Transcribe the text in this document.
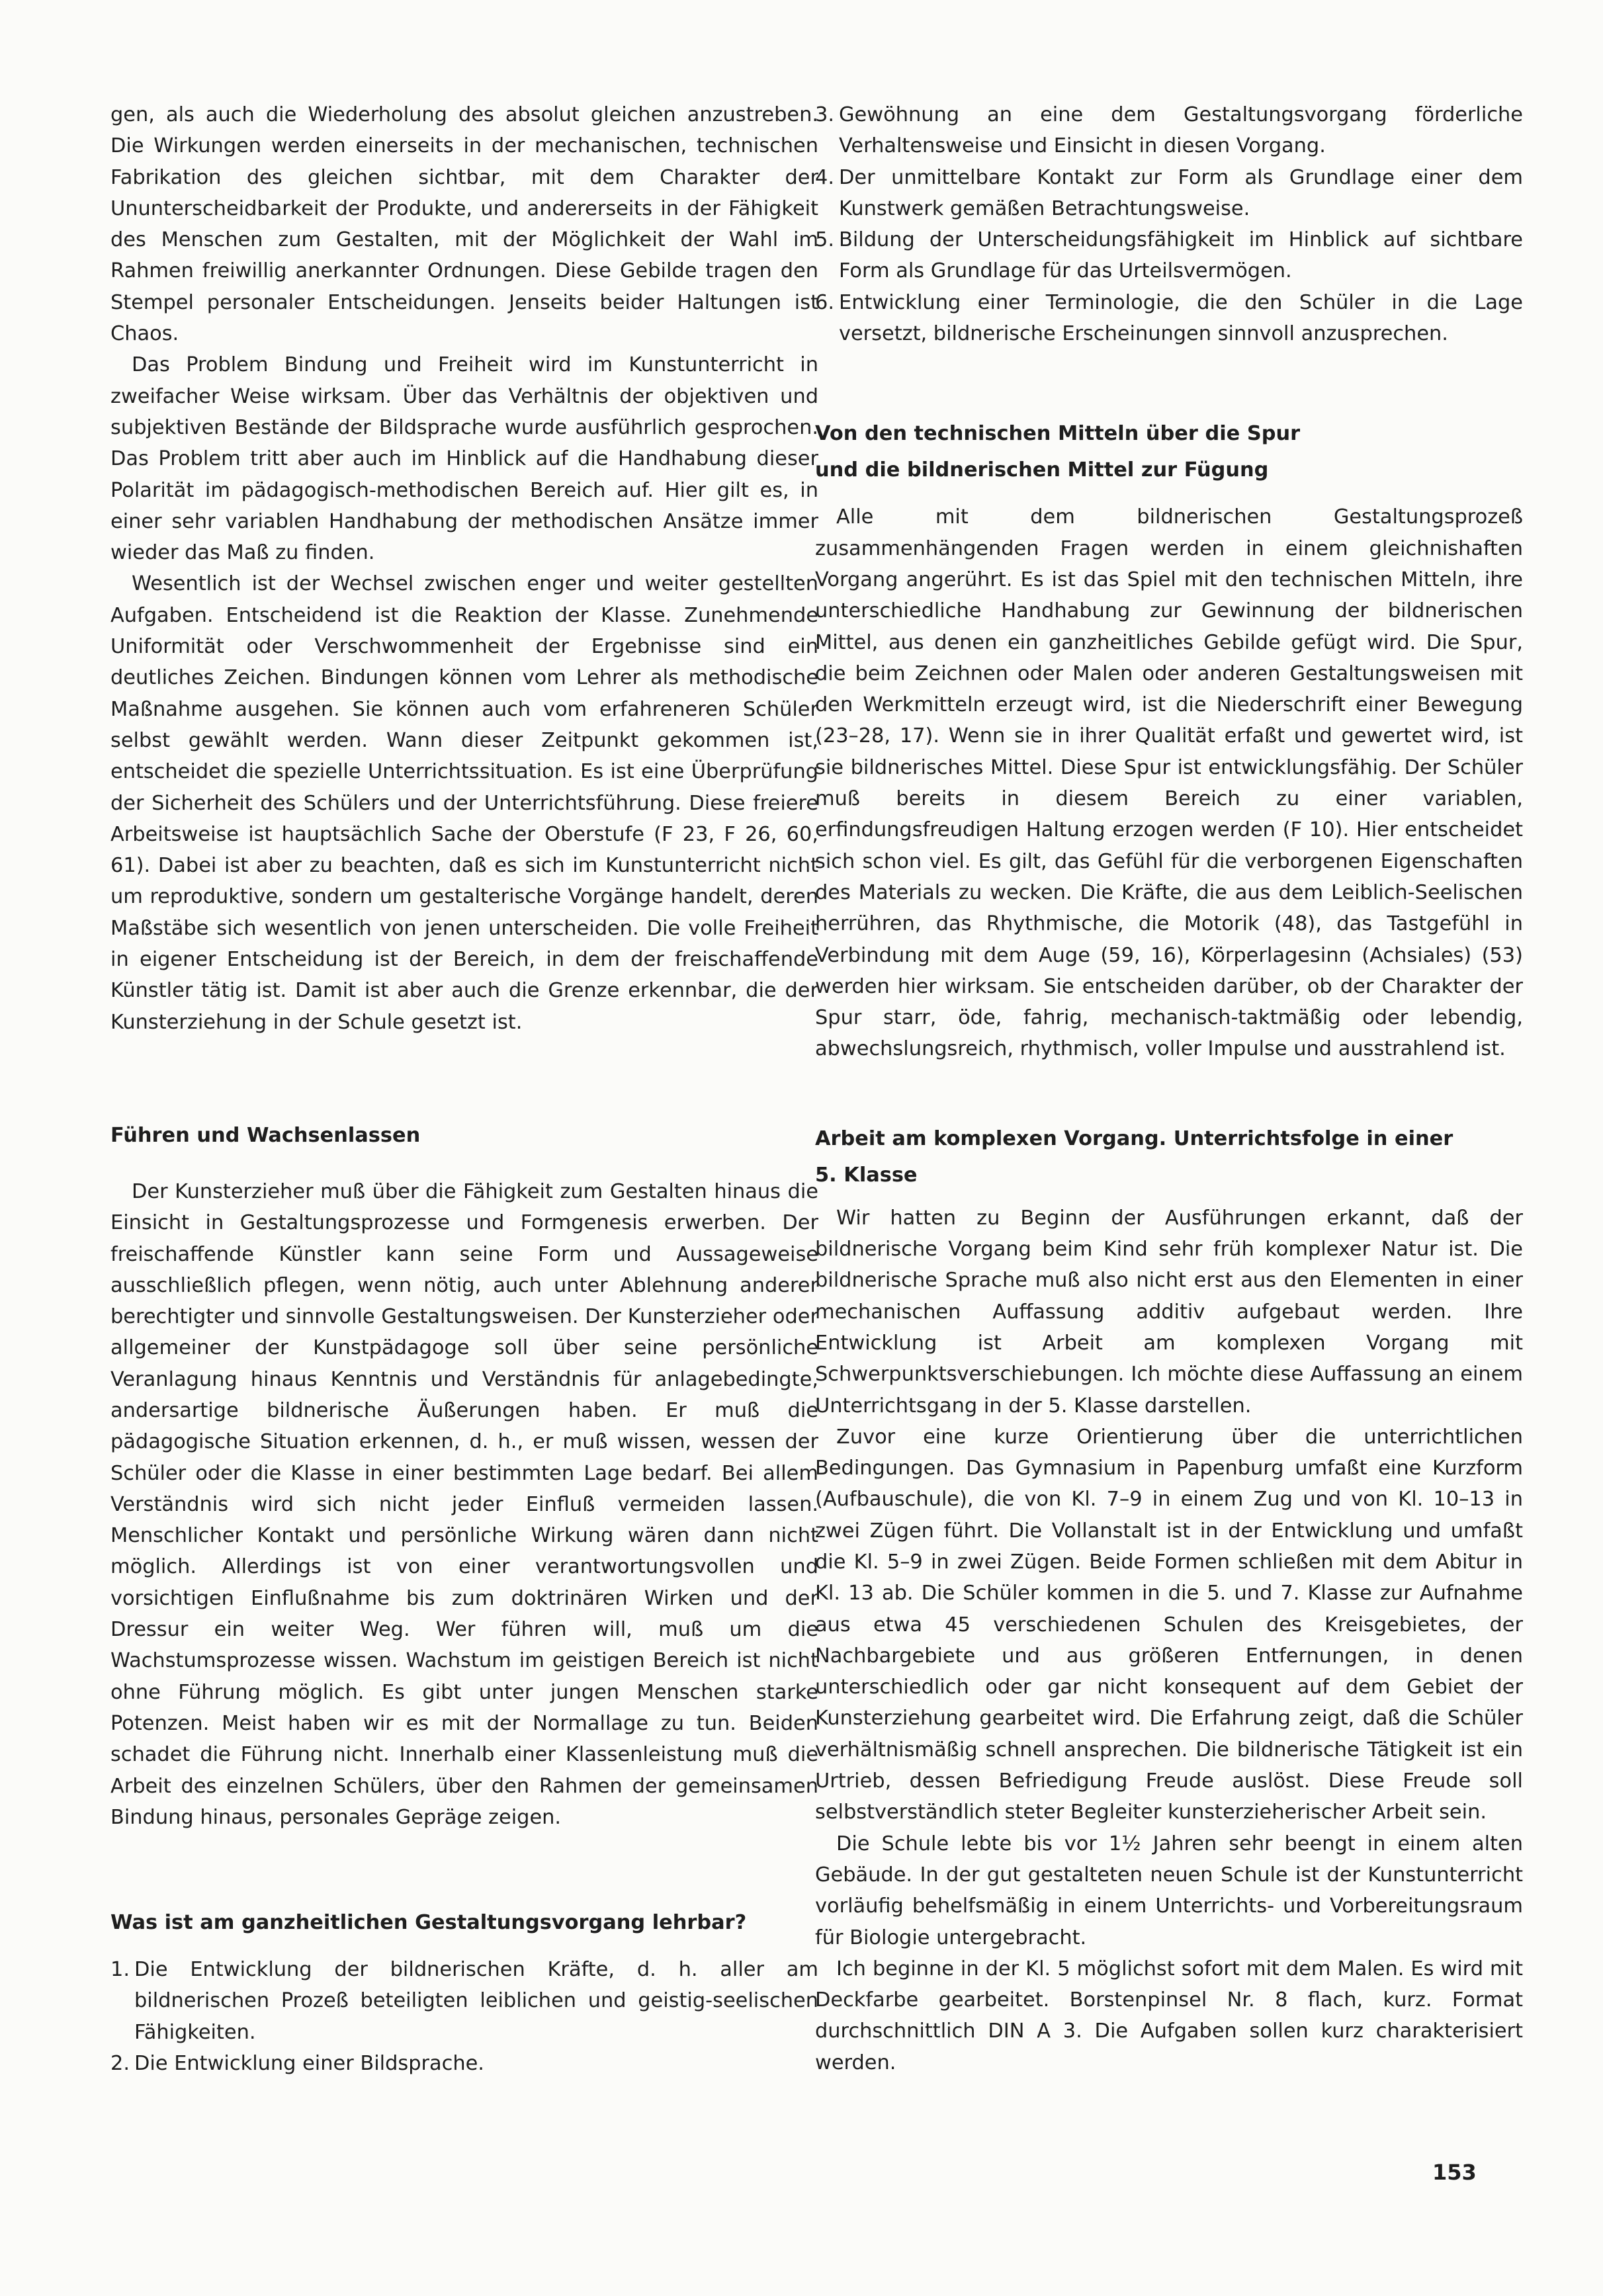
gen, als auch die Wiederholung des absolut gleichen anzustreben. Die Wirkungen werden einerseits in der mechanischen, technischen Fabrikation des gleichen sichtbar, mit dem Charakter der Ununterscheidbarkeit der Produkte, und andererseits in der Fähigkeit des Menschen zum Gestalten, mit der Möglichkeit der Wahl im Rahmen freiwillig anerkannter Ordnungen. Diese Gebilde tragen den Stempel personaler Entscheidungen. Jenseits beider Haltungen ist Chaos.

Das Problem Bindung und Freiheit wird im Kunstunterricht in zweifacher Weise wirksam. Über das Verhältnis der objektiven und subjektiven Bestände der Bildsprache wurde ausführlich gesprochen. Das Problem tritt aber auch im Hinblick auf die Handhabung dieser Polarität im pädagogisch-methodischen Bereich auf. Hier gilt es, in einer sehr variablen Handhabung der methodischen Ansätze immer wieder das Maß zu finden.

Wesentlich ist der Wechsel zwischen enger und weiter gestellten Aufgaben. Entscheidend ist die Reaktion der Klasse. Zunehmende Uniformität oder Verschwommenheit der Ergebnisse sind ein deutliches Zeichen. Bindungen können vom Lehrer als methodische Maßnahme ausgehen. Sie können auch vom erfahreneren Schüler selbst gewählt werden. Wann dieser Zeitpunkt gekommen ist, entscheidet die spezielle Unterrichtssituation. Es ist eine Überprüfung der Sicherheit des Schülers und der Unterrichtsführung. Diese freiere Arbeitsweise ist hauptsächlich Sache der Oberstufe (F 23, F 26, 60, 61). Dabei ist aber zu beachten, daß es sich im Kunstunterricht nicht um reproduktive, sondern um gestalterische Vorgänge handelt, deren Maßstäbe sich wesentlich von jenen unterscheiden. Die volle Freiheit in eigener Entscheidung ist der Bereich, in dem der freischaffende Künstler tätig ist. Damit ist aber auch die Grenze erkennbar, die der Kunsterziehung in der Schule gesetzt ist.

Führen und Wachsenlassen

Der Kunsterzieher muß über die Fähigkeit zum Gestalten hinaus die Einsicht in Gestaltungsprozesse und Formgenesis erwerben. Der freischaffende Künstler kann seine Form und Aussageweise ausschließlich pflegen, wenn nötig, auch unter Ablehnung anderer berechtigter und sinnvolle Gestaltungsweisen. Der Kunsterzieher oder allgemeiner der Kunstpädagoge soll über seine persönliche Veranlagung hinaus Kenntnis und Verständnis für anlagebedingte, andersartige bildnerische Äußerungen haben. Er muß die pädagogische Situation erkennen, d. h., er muß wissen, wessen der Schüler oder die Klasse in einer bestimmten Lage bedarf. Bei allem Verständnis wird sich nicht jeder Einfluß vermeiden lassen. Menschlicher Kontakt und persönliche Wirkung wären dann nicht möglich. Allerdings ist von einer verantwortungsvollen und vorsichtigen Einflußnahme bis zum doktrinären Wirken und der Dressur ein weiter Weg. Wer führen will, muß um die Wachstumsprozesse wissen. Wachstum im geistigen Bereich ist nicht ohne Führung möglich. Es gibt unter jungen Menschen starke Potenzen. Meist haben wir es mit der Normallage zu tun. Beiden schadet die Führung nicht. Innerhalb einer Klassenleistung muß die Arbeit des einzelnen Schülers, über den Rahmen der gemeinsamen Bindung hinaus, personales Gepräge zeigen.

Was ist am ganzheitlichen Gestaltungsvorgang lehrbar?
1. Die Entwicklung der bildnerischen Kräfte, d. h. aller am bildnerischen Prozeß beteiligten leiblichen und geistig-seelischen Fähigkeiten.
2. Die Entwicklung einer Bildsprache.
3. Gewöhnung an eine dem Gestaltungsvorgang förderliche Verhaltensweise und Einsicht in diesen Vorgang.
4. Der unmittelbare Kontakt zur Form als Grundlage einer dem Kunstwerk gemäßen Betrachtungsweise.
5. Bildung der Unterscheidungsfähigkeit im Hinblick auf sichtbare Form als Grundlage für das Urteilsvermögen.
6. Entwicklung einer Terminologie, die den Schüler in die Lage versetzt, bildnerische Erscheinungen sinnvoll anzusprechen.
Von den technischen Mitteln über die Spur
und die bildnerischen Mittel zur Fügung

Alle mit dem bildnerischen Gestaltungsprozeß zusammenhängenden Fragen werden in einem gleichnishaften Vorgang angerührt. Es ist das Spiel mit den technischen Mitteln, ihre unterschiedliche Handhabung zur Gewinnung der bildnerischen Mittel, aus denen ein ganzheitliches Gebilde gefügt wird. Die Spur, die beim Zeichnen oder Malen oder anderen Gestaltungsweisen mit den Werkmitteln erzeugt wird, ist die Niederschrift einer Bewegung (23–28, 17). Wenn sie in ihrer Qualität erfaßt und gewertet wird, ist sie bildnerisches Mittel. Diese Spur ist entwicklungsfähig. Der Schüler muß bereits in diesem Bereich zu einer variablen, erfindungsfreudigen Haltung erzogen werden (F 10). Hier entscheidet sich schon viel. Es gilt, das Gefühl für die verborgenen Eigenschaften des Materials zu wecken. Die Kräfte, die aus dem Leiblich-Seelischen herrühren, das Rhythmische, die Motorik (48), das Tastgefühl in Verbindung mit dem Auge (59, 16), Körperlagesinn (Achsiales) (53) werden hier wirksam. Sie entscheiden darüber, ob der Charakter der Spur starr, öde, fahrig, mechanisch-taktmäßig oder lebendig, abwechslungsreich, rhythmisch, voller Impulse und ausstrahlend ist.

Arbeit am komplexen Vorgang. Unterrichtsfolge in einer
5. Klasse

Wir hatten zu Beginn der Ausführungen erkannt, daß der bildnerische Vorgang beim Kind sehr früh komplexer Natur ist. Die bildnerische Sprache muß also nicht erst aus den Elementen in einer mechanischen Auffassung additiv aufgebaut werden. Ihre Entwicklung ist Arbeit am komplexen Vorgang mit Schwerpunktsverschiebungen. Ich möchte diese Auffassung an einem Unterrichtsgang in der 5. Klasse darstellen.

Zuvor eine kurze Orientierung über die unterrichtlichen Bedingungen. Das Gymnasium in Papenburg umfaßt eine Kurzform (Aufbauschule), die von Kl. 7–9 in einem Zug und von Kl. 10–13 in zwei Zügen führt. Die Vollanstalt ist in der Entwicklung und umfaßt die Kl. 5–9 in zwei Zügen. Beide Formen schließen mit dem Abitur in Kl. 13 ab. Die Schüler kommen in die 5. und 7. Klasse zur Aufnahme aus etwa 45 verschiedenen Schulen des Kreisgebietes, der Nachbargebiete und aus größeren Entfernungen, in denen unterschiedlich oder gar nicht konsequent auf dem Gebiet der Kunsterziehung gearbeitet wird. Die Erfahrung zeigt, daß die Schüler verhältnismäßig schnell ansprechen. Die bildnerische Tätigkeit ist ein Urtrieb, dessen Befriedigung Freude auslöst. Diese Freude soll selbstverständlich steter Begleiter kunsterzieherischer Arbeit sein.

Die Schule lebte bis vor 1½ Jahren sehr beengt in einem alten Gebäude. In der gut gestalteten neuen Schule ist der Kunstunterricht vorläufig behelfsmäßig in einem Unterrichts- und Vorbereitungsraum für Biologie untergebracht.

Ich beginne in der Kl. 5 möglichst sofort mit dem Malen. Es wird mit Deckfarbe gearbeitet. Borstenpinsel Nr. 8 flach, kurz. Format durchschnittlich DIN A 3. Die Aufgaben sollen kurz charakterisiert werden.

153
